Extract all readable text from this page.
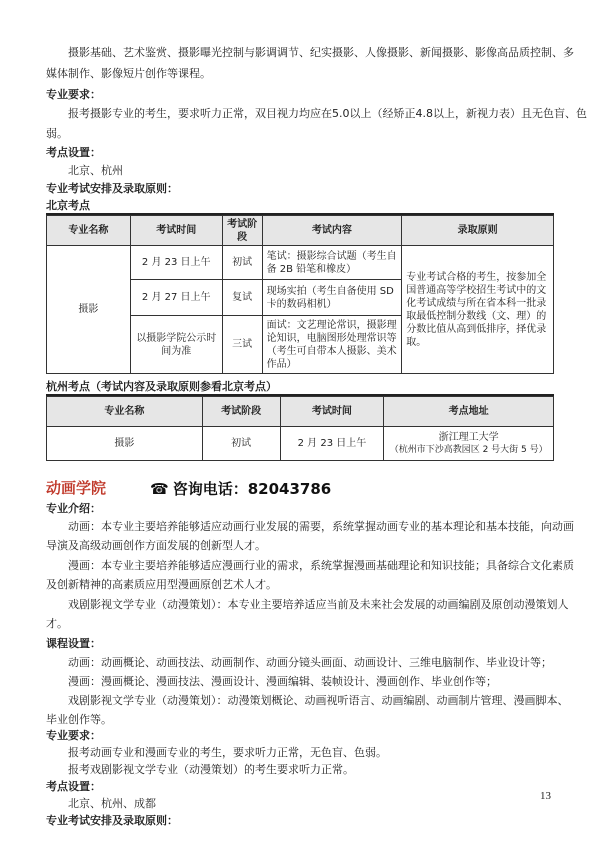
摄影基础、艺术鉴赏、摄影曝光控制与影调调节、纪实摄影、人像摄影、新闻摄影、影像高品质控制、多
媒体制作、影像短片创作等课程。
专业要求：
报考摄影专业的考生，要求听力正常，双目视力均应在5.0以上（经矫正4.8以上，新视力表）且无色盲、色
弱。
考点设置：
北京、杭州
专业考试安排及录取原则：
北京考点
专业名称	考试时间	考试阶段	考试内容	录取原则
摄影	2 月 23 日上午	初试	笔试：摄影综合试题（考生自备 2B 铅笔和橡皮）	专业考试合格的考生，按参加全国普通高等学校招生考试中的文化考试成绩与所在省本科一批录取最低控制分数线（文、理）的分数比值从高到低排序，择优录取。
	2 月 27 日上午	复试	现场实拍（考生自备使用 SD 卡的数码相机）	
	以摄影学院公示时间为准	三试	面试：文艺理论常识，摄影理论知识，电脑图形处理常识等（考生可自带本人摄影、美术作品）	
杭州考点（考试内容及录取原则参看北京考点）
专业名称	考试阶段	考试时间	考点地址
摄影	初试	2 月 23 日上午	浙江理工大学
（杭州市下沙高教园区 2 号大街 5 号）
动画学院	☎ 咨询电话：82043786
专业介绍：
动画：本专业主要培养能够适应动画行业发展的需要，系统掌握动画专业的基本理论和基本技能，向动画
导演及高级动画创作方面发展的创新型人才。
漫画：本专业主要培养能够适应漫画行业的需求，系统掌握漫画基础理论和知识技能；具备综合文化素质
及创新精神的高素质应用型漫画原创艺术人才。
戏剧影视文学专业（动漫策划）：本专业主要培养适应当前及未来社会发展的动画编剧及原创动漫策划人
才。
课程设置：
动画：动画概论、动画技法、动画制作、动画分镜头画面、动画设计、三维电脑制作、毕业设计等；
漫画：漫画概论、漫画技法、漫画设计、漫画编辑、装帧设计、漫画创作、毕业创作等；
戏剧影视文学专业（动漫策划）：动漫策划概论、动画视听语言、动画编剧、动画制片管理、漫画脚本、
毕业创作等。
专业要求：
报考动画专业和漫画专业的考生，要求听力正常，无色盲、色弱。
报考戏剧影视文学专业（动漫策划）的考生要求听力正常。
考点设置：
北京、杭州、成都
专业考试安排及录取原则：
13
